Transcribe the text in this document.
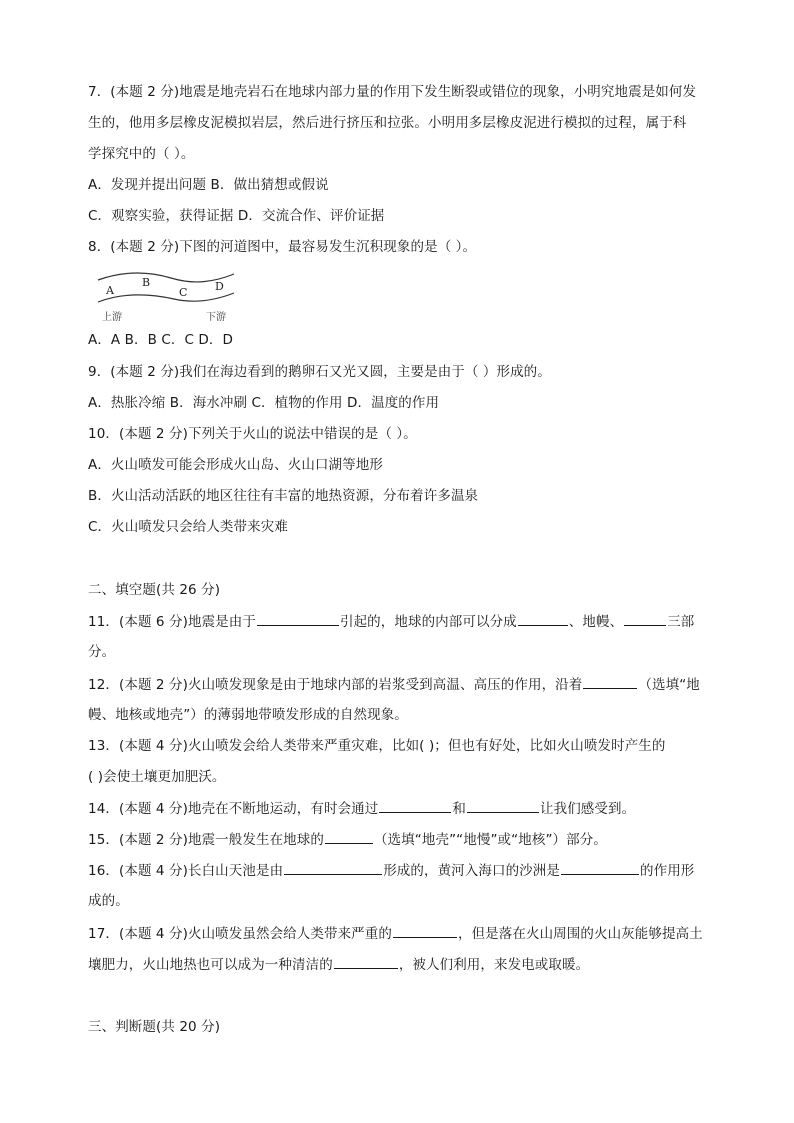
7．(本题 2 分)地震是地壳岩石在地球内部力量的作用下发生断裂或错位的现象，小明究地震是如何发
生的，他用多层橡皮泥模拟岩层，然后进行挤压和拉张。小明用多层橡皮泥进行模拟的过程，属于科
学探究中的（ ）。
A．发现并提出问题 B．做出猜想或假说
C．观察实验，获得证据 D．交流合作、评价证据
8．(本题 2 分)下图的河道图中，最容易发生沉积现象的是（ ）。
A
B
C	D
上游	下游
A．A B．B C．C D．D
9．(本题 2 分)我们在海边看到的鹅卵石又光又圆，主要是由于（ ）形成的。
A．热胀冷缩 B．海水冲刷 C．植物的作用 D．温度的作用
10．(本题 2 分)下列关于火山的说法中错误的是（ ）。
A．火山喷发可能会形成火山岛、火山口湖等地形
B．火山活动活跃的地区往往有丰富的地热资源，分布着许多温泉
C．火山喷发只会给人类带来灾难
二、填空题(共 26 分)
11．(本题 6 分)地震是由于	引起的，地球的内部可以分成	、地幔、	三部
分。
12．(本题 2 分)火山喷发现象是由于地球内部的岩浆受到高温、高压的作用，沿着	（选填“地
幔、地核或地壳”）的薄弱地带喷发形成的自然现象。
13．(本题 4 分)火山喷发会给人类带来严重灾难，比如( )；但也有好处，比如火山喷发时产生的
( )会使土壤更加肥沃。
14．(本题 4 分)地壳在不断地运动，有时会通过	和	让我们感受到。
15．(本题 2 分)地震一般发生在地球的	（选填“地壳”“地慢”或“地核”）部分。
16．(本题 4 分)长白山天池是由	形成的，黄河入海口的沙洲是	的作用形
成的。
17．(本题 4 分)火山喷发虽然会给人类带来严重的	，但是落在火山周围的火山灰能够提高土
壤肥力，火山地热也可以成为一种清洁的	，被人们利用，来发电或取暖。
三、判断题(共 20 分)
